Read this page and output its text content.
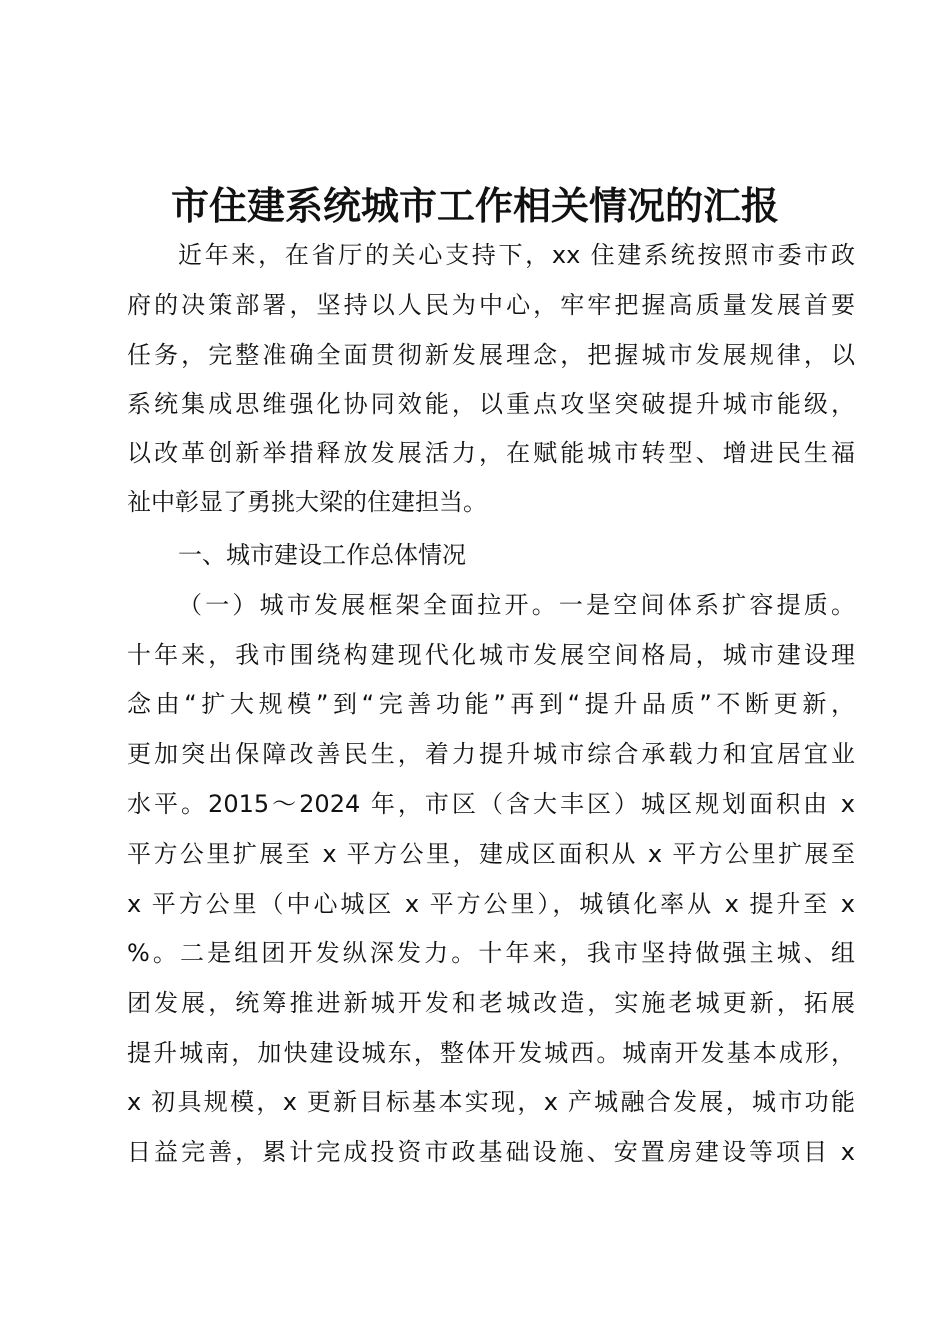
市住建系统城市工作相关情况的汇报
近年来，在省厅的关心支持下，xx 住建系统按照市委市政
府的决策部署，坚持以人民为中心，牢牢把握高质量发展首要
任务，完整准确全面贯彻新发展理念，把握城市发展规律，以
系统集成思维强化协同效能，以重点攻坚突破提升城市能级，
以改革创新举措释放发展活力，在赋能城市转型、增进民生福
祉中彰显了勇挑大梁的住建担当。
一、城市建设工作总体情况
（一）城市发展框架全面拉开。一是空间体系扩容提质。
十年来，我市围绕构建现代化城市发展空间格局，城市建设理
念由“扩大规模”到“完善功能”再到“提升品质”不断更新，
更加突出保障改善民生，着力提升城市综合承载力和宜居宜业
水平。2015～2024 年，市区（含大丰区）城区规划面积由 x
平方公里扩展至 x 平方公里，建成区面积从 x 平方公里扩展至
x 平方公里（中心城区 x 平方公里），城镇化率从 x 提升至 x
%。二是组团开发纵深发力。十年来，我市坚持做强主城、组
团发展，统筹推进新城开发和老城改造，实施老城更新，拓展
提升城南，加快建设城东，整体开发城西。城南开发基本成形，
x 初具规模，x 更新目标基本实现，x 产城融合发展，城市功能
日益完善，累计完成投资市政基础设施、安置房建设等项目 x
